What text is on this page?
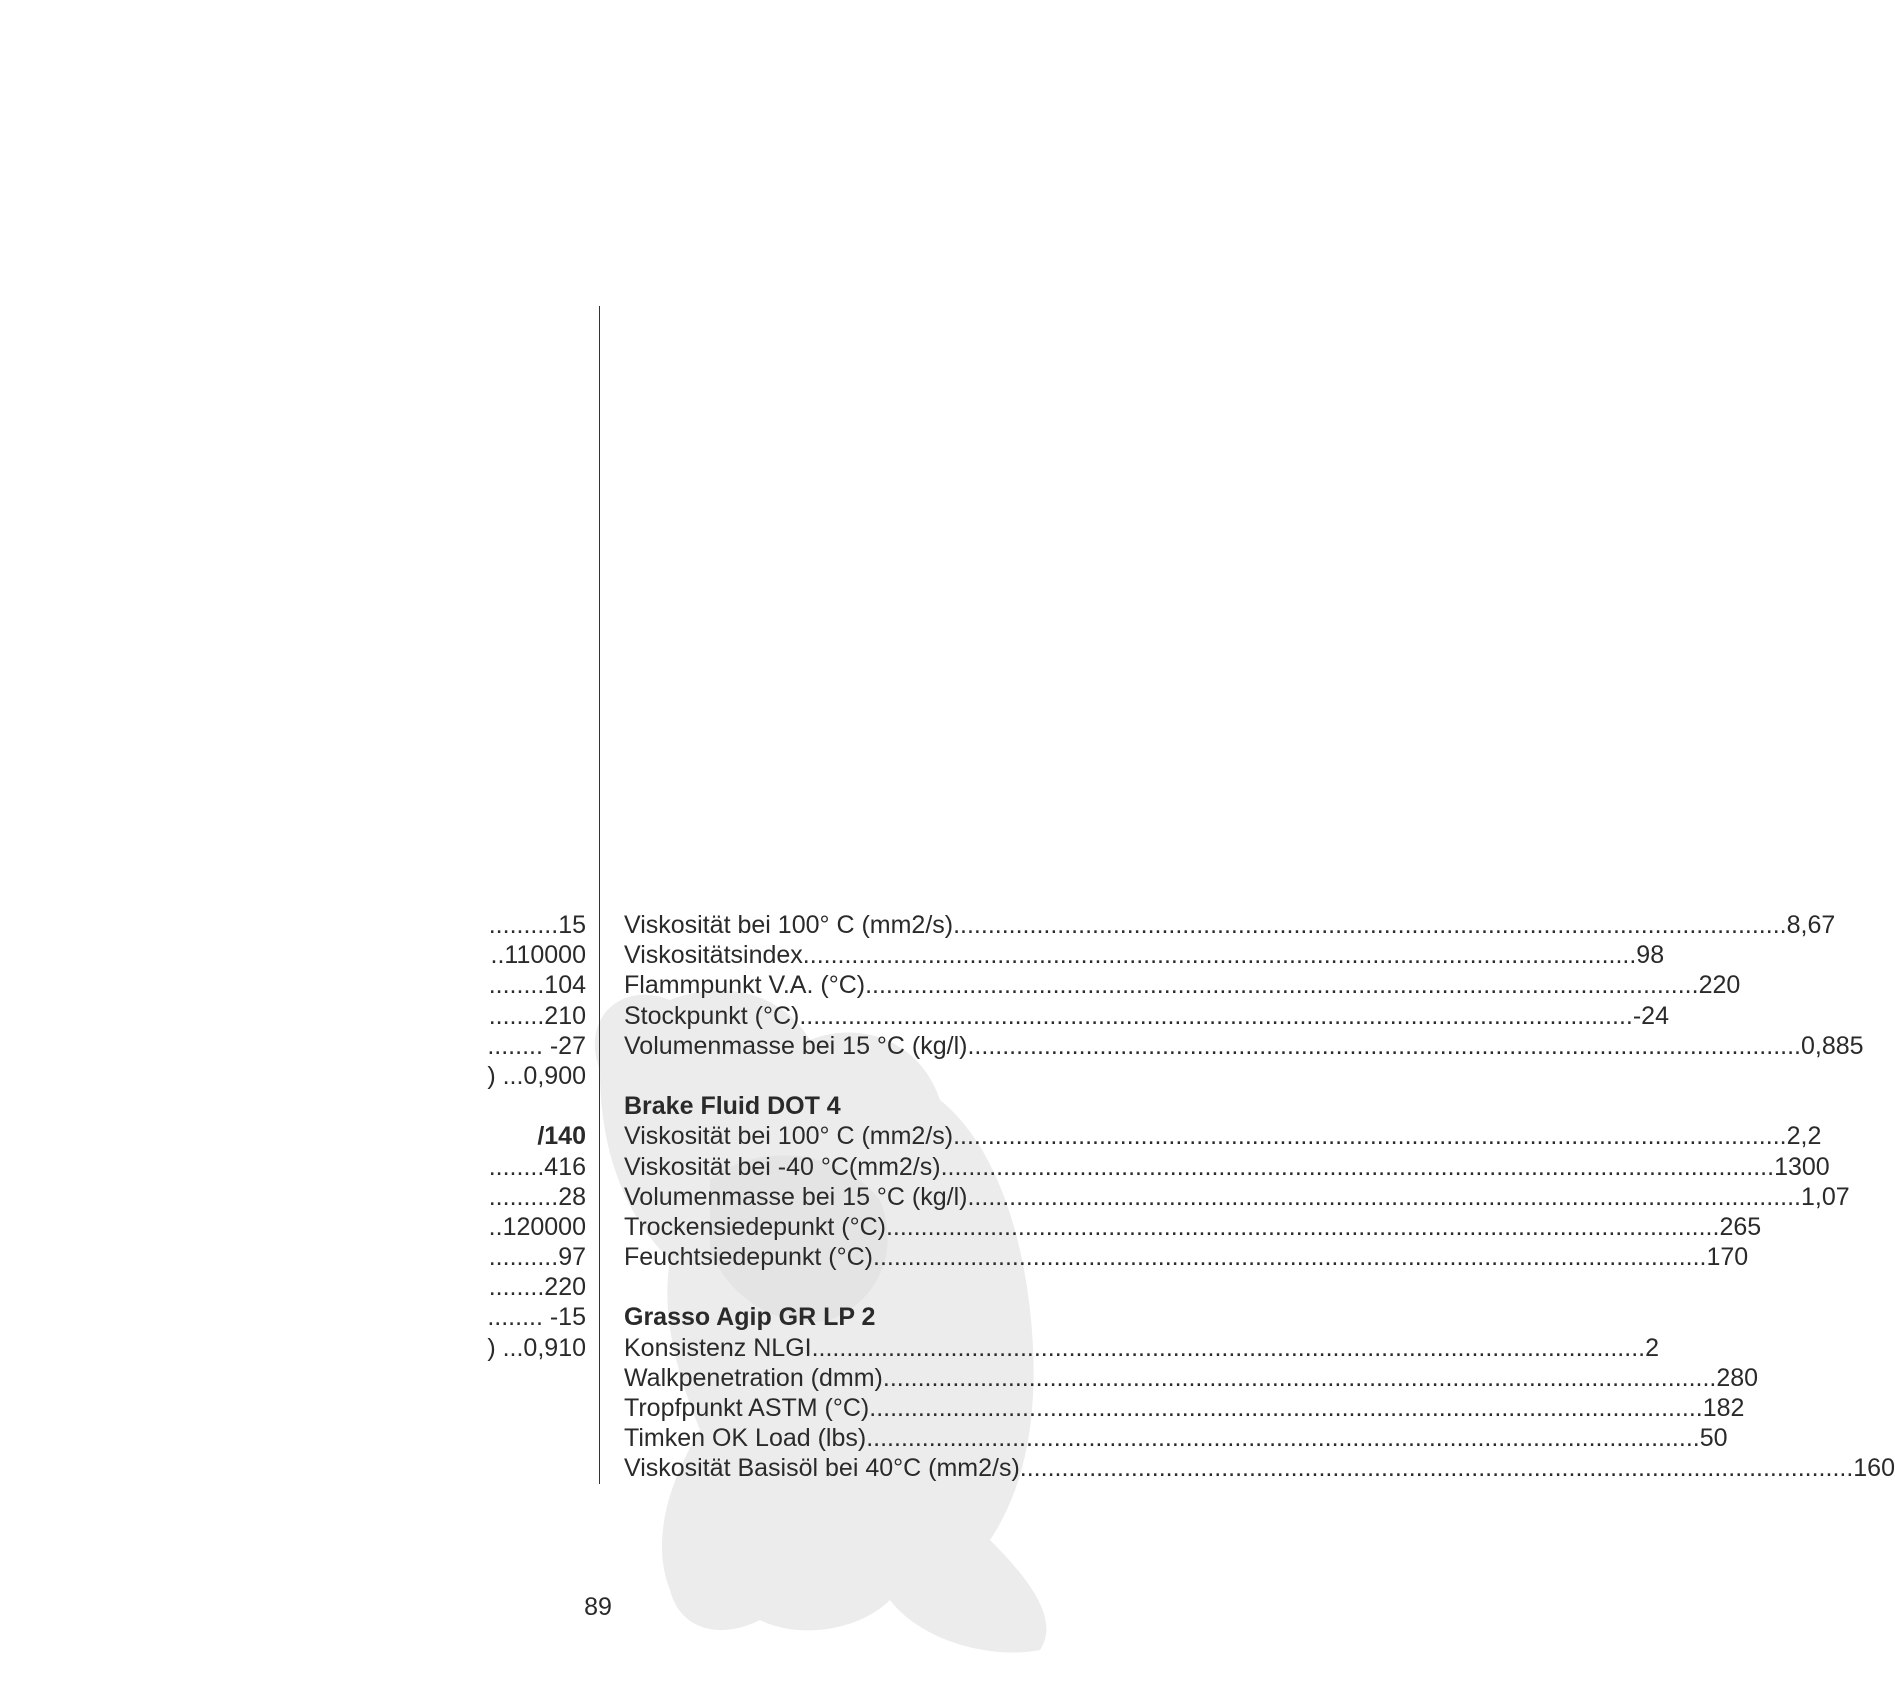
..........15
..110000
........104
........210
........ -27
) ...0,900
/140
........416
..........28
..120000
..........97
........220
........ -15
) ...0,910
Viskosität bei 100° C (mm2/s) ........................................................................................................................ 8,67
Viskositätsindex ........................................................................................................................ 98
Flammpunkt V.A. (°C) ........................................................................................................................ 220
Stockpunkt (°C) ........................................................................................................................ -24
Volumenmasse bei 15 °C (kg/l) ........................................................................................................................ 0,885
Brake Fluid DOT 4
Viskosität bei 100° C (mm2/s) ........................................................................................................................ 2,2
Viskosität bei -40 °C(mm2/s) ........................................................................................................................ 1300
Volumenmasse bei 15 °C (kg/l) ........................................................................................................................ 1,07
Trockensiedepunkt (°C) ........................................................................................................................ 265
Feuchtsiedepunkt (°C) ........................................................................................................................ 170
Grasso Agip GR LP 2
Konsistenz NLGI ........................................................................................................................ 2
Walkpenetration (dmm) ........................................................................................................................ 280
Tropfpunkt ASTM (°C) ........................................................................................................................ 182
Timken OK Load (lbs) ........................................................................................................................ 50
Viskosität Basisöl bei 40°C (mm2/s) ........................................................................................................................ 160
89
